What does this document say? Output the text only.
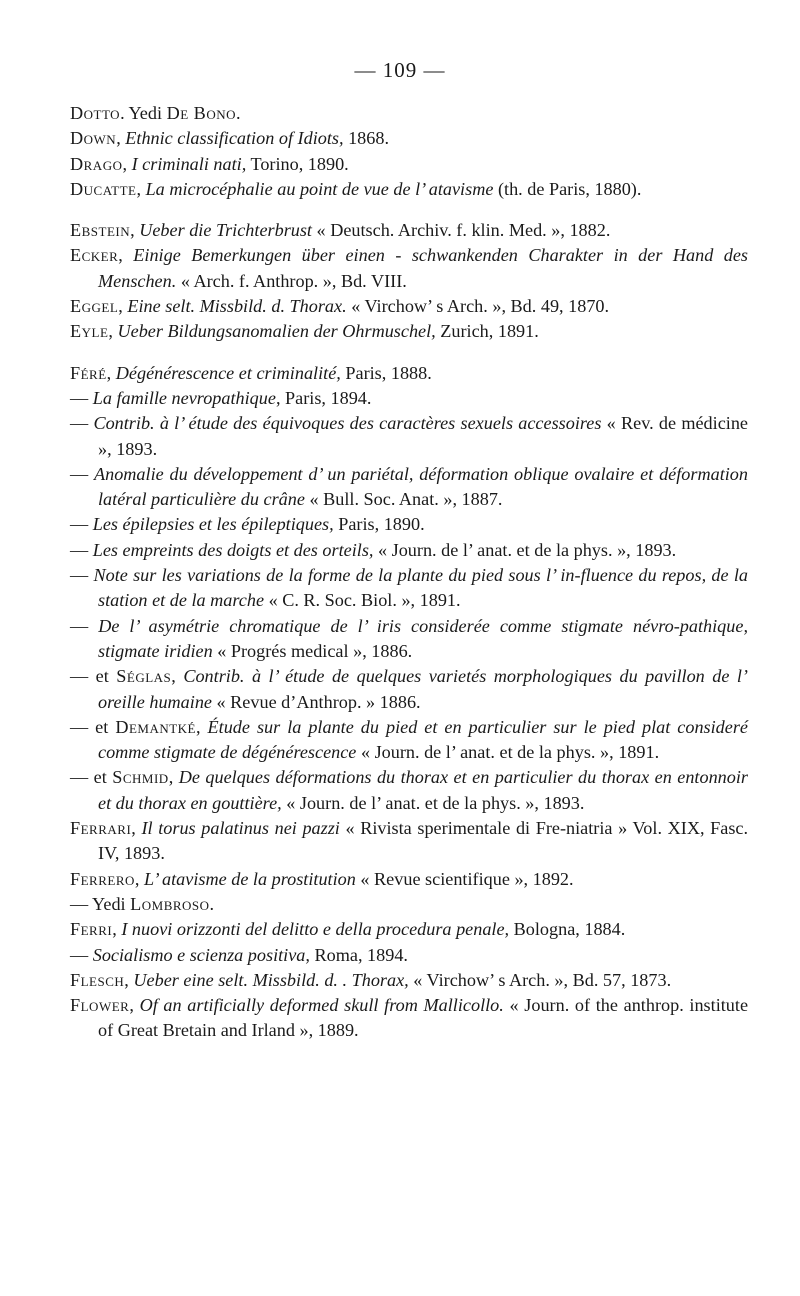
— 109 —
Dotto. Yedi De Bono.
Down, Ethnic classification of Idiots, 1868.
Drago, I criminali nati, Torino, 1890.
Ducatte, La microcéphalie au point de vue de l’ atavisme (th. de Paris, 1880).
Ebstein, Ueber die Trichterbrust « Deutsch. Archiv. f. klin. Med. », 1882.
Ecker, Einige Bemerkungen über einen - schwankenden Charakter in der Hand des Menschen. « Arch. f. Anthrop. », Bd. VIII.
Eggel, Eine selt. Missbild. d. Thorax. « Virchow’ s Arch. », Bd. 49, 1870.
Eyle, Ueber Bildungsanomalien der Ohrmuschel, Zurich, 1891.
Féré, Dégénérescence et criminalité, Paris, 1888.
— La famille nevropathique, Paris, 1894.
— Contrib. à l’ étude des équivoques des caractères sexuels accessoires « Rev. de médicine », 1893.
— Anomalie du développement d’ un pariétal, déformation oblique ovalaire et déformation latéral particulière du crâne « Bull. Soc. Anat. », 1887.
— Les épilepsies et les épileptiques, Paris, 1890.
— Les empreints des doigts et des orteils, « Journ. de l’ anat. et de la phys. », 1893.
— Note sur les variations de la forme de la plante du pied sous l’ in-fluence du repos, de la station et de la marche « C. R. Soc. Biol. », 1891.
— De l’ asymétrie chromatique de l’ iris considerée comme stigmate névro-pathique, stigmate iridien « Progrés medical », 1886.
— et Séglas, Contrib. à l’ étude de quelques varietés morphologiques du pavillon de l’ oreille humaine « Revue d’Anthrop. » 1886.
— et Demantké, Étude sur la plante du pied et en particulier sur le pied plat consideré comme stigmate de dégénérescence « Journ. de l’ anat. et de la phys. », 1891.
— et Schmid, De quelques déformations du thorax et en particulier du thorax en entonnoir et du thorax en gouttière, « Journ. de l’ anat. et de la phys. », 1893.
Ferrari, Il torus palatinus nei pazzi « Rivista sperimentale di Fre-niatria » Vol. XIX, Fasc. IV, 1893.
Ferrero, L’ atavisme de la prostitution « Revue scientifique », 1892.
— Yedi Lombroso.
Ferri, I nuovi orizzonti del delitto e della procedura penale, Bologna, 1884.
— Socialismo e scienza positiva, Roma, 1894.
Flesch, Ueber eine selt. Missbild. d. . Thorax, « Virchow’ s Arch. », Bd. 57, 1873.
Flower, Of an artificially deformed skull from Mallicollo. « Journ. of the anthrop. institute of Great Bretain and Irland », 1889.
